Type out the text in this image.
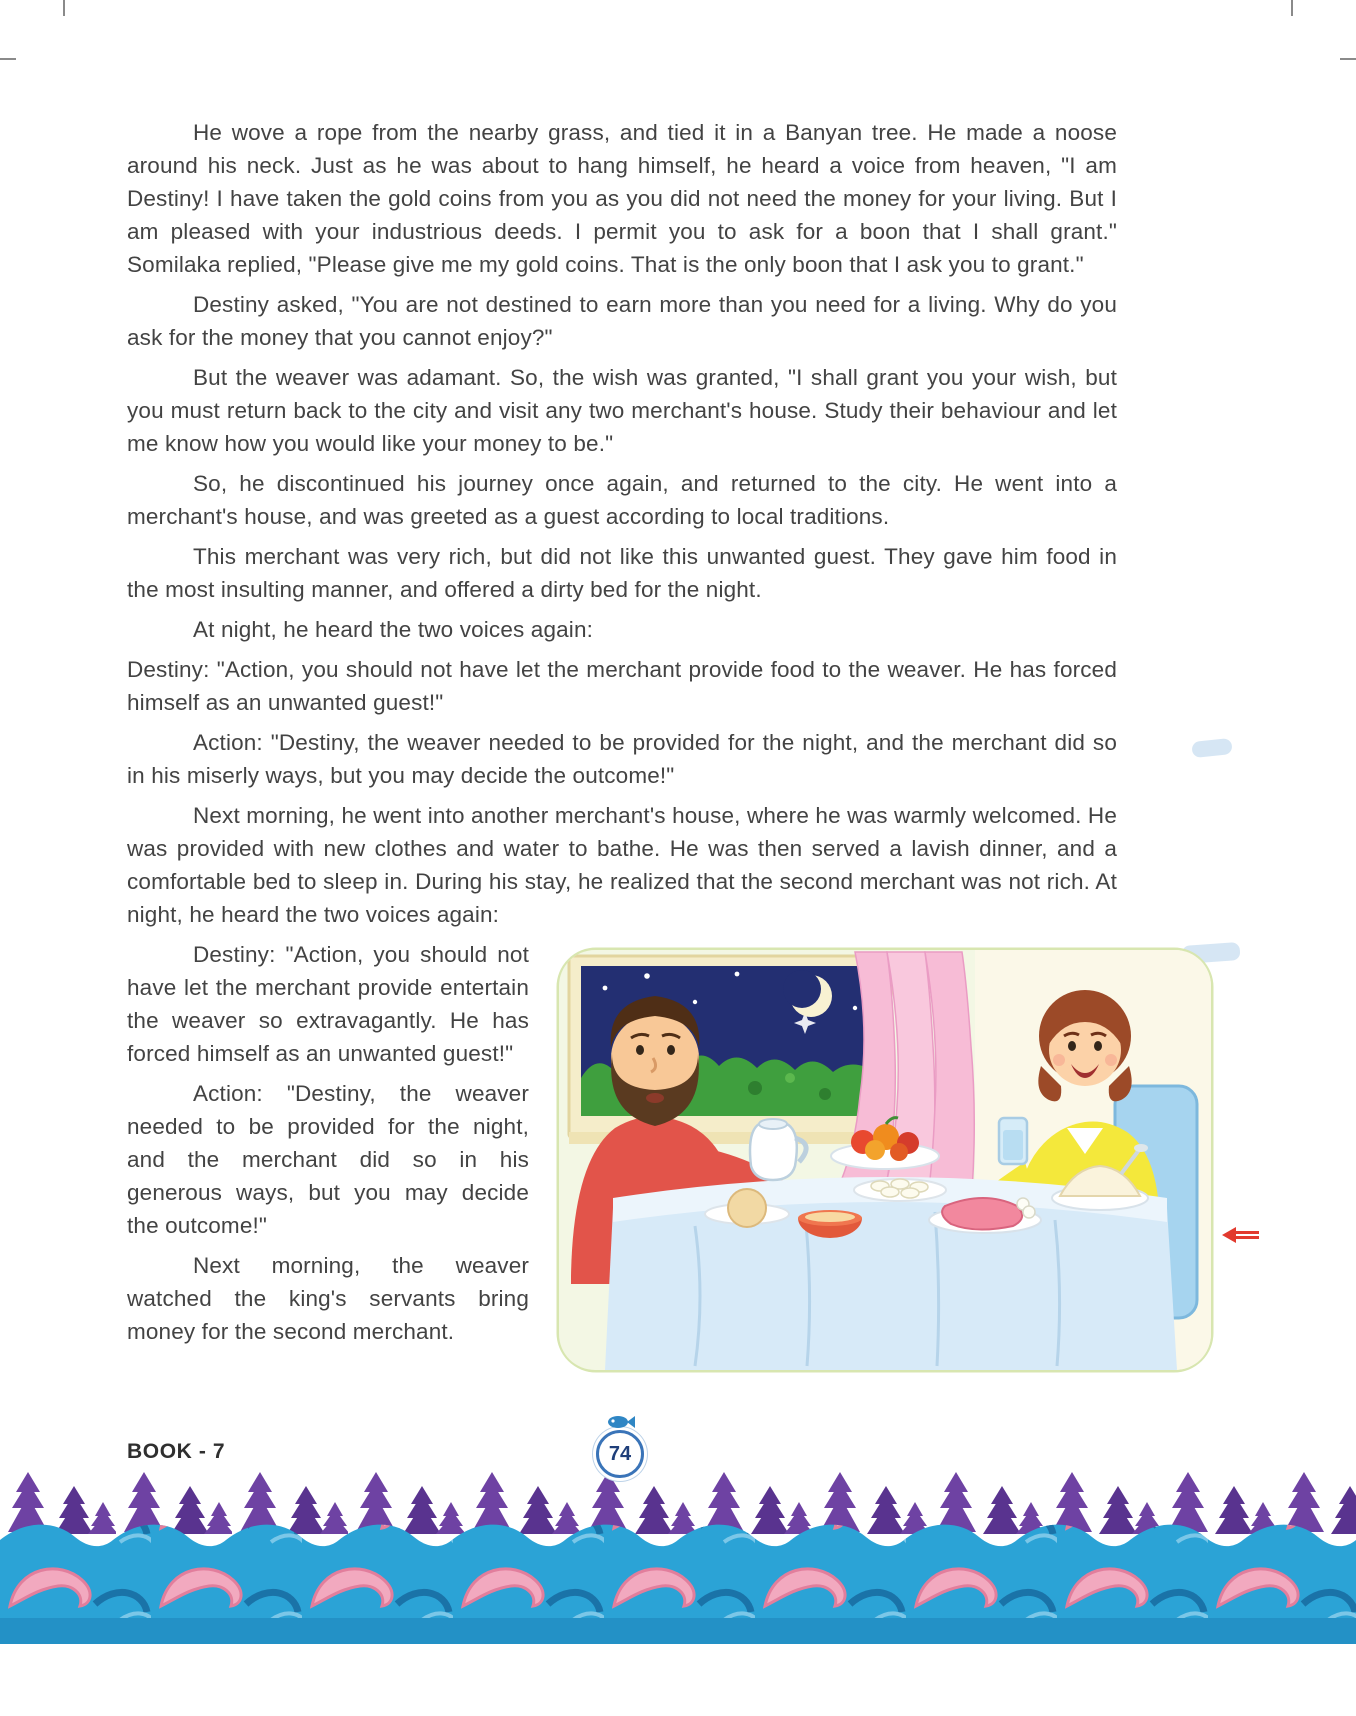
He wove a rope from the nearby grass, and tied it in a Banyan tree. He made a noose around his neck. Just as he was about to hang himself, he heard a voice from heaven, "I am Destiny! I have taken the gold coins from you as you did not need the money for your living. But I am pleased with your industrious deeds. I permit you to ask for a boon that I shall grant." Somilaka replied, "Please give me my gold coins. That is the only boon that I ask you to grant."

Destiny asked, "You are not destined to earn more than you need for a living. Why do you ask for the money that you cannot enjoy?"

But the weaver was adamant. So, the wish was granted, "I shall grant you your wish, but you must return back to the city and visit any two merchant's house. Study their behaviour and let me know how you would like your money to be."

So, he discontinued his journey once again, and returned to the city. He went into a merchant's house, and was greeted as a guest according to local traditions.

This merchant was very rich, but did not like this unwanted guest. They gave him food in the most insulting manner, and offered a dirty bed for the night.

At night, he heard the two voices again:

Destiny: "Action, you should not have let the merchant provide food to the weaver. He has forced himself as an unwanted guest!"

Action: "Destiny, the weaver needed to be provided for the night, and the merchant did so in his miserly ways, but you may decide the outcome!"

Next morning, he went into another merchant's house, where he was warmly welcomed. He was provided with new clothes and water to bathe. He was then served a lavish dinner, and a comfortable bed to sleep in. During his stay, he realized that the second merchant was not rich. At night, he heard the two voices again:

Destiny: "Action, you should not have let the merchant provide entertain the weaver so extravagantly. He has forced himself as an unwanted guest!"

Action: "Destiny, the weaver needed to be provided for the night, and the merchant did so in his generous ways, but you may decide the outcome!"

Next morning, the weaver watched the king's servants bring money for the second merchant.

BOOK - 7	74
